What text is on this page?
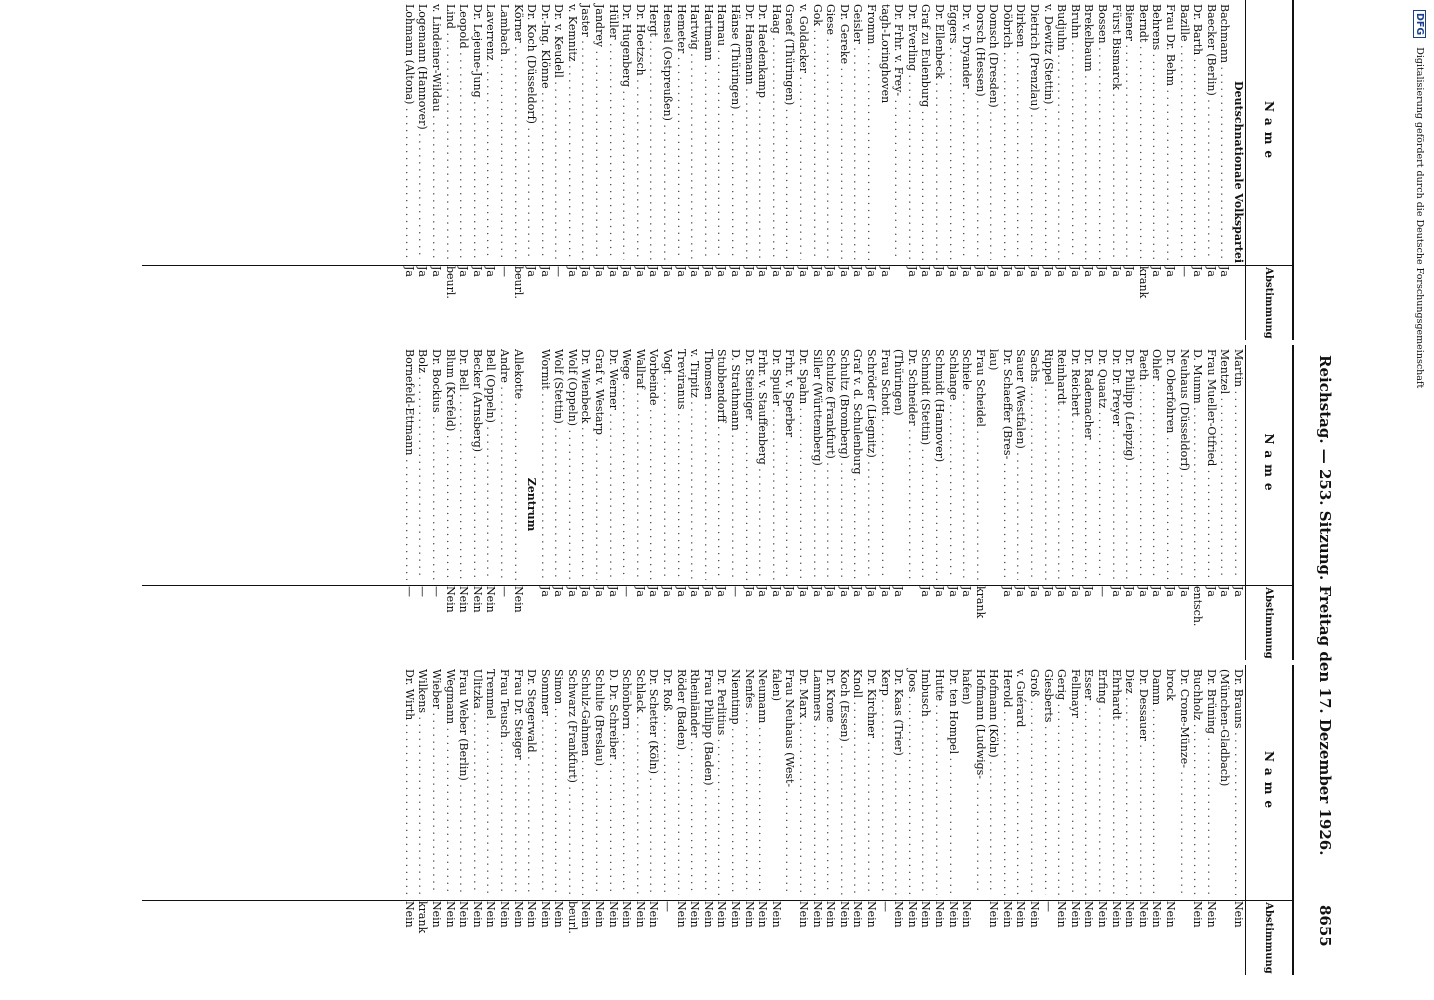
DFG Digitalisierung gefördert durch die Deutsche Forschungsgemeinschaft
Reichstag. — 253. Sitzung. Freitag den 17. Dezember 1926.
8655
Name
Abstimmung
Deutschnationale Volkspartei
Bachmann . . .
Ja
Baecker (Berlin) . . .
Ja
Dr. Barth . . .
Ja
Bazille . . .
—
Frau Dr. Behm . . .
Ja
Behrens . . .
Ja
Berndt . . .
krank
Biener . . .
Ja
Fürst Bismarck . . .
Ja
Bossen . . .
Ja
Brekelbaum . . .
Ja
Bruhn . . .
Ja
Budjuhn . . .
Ja
v. Dewitz (Stettin) . . .
Ja
Dietrich (Prenzlau) . . .
Ja
Dirksen . . .
Ja
Döbrich . . .
Ja
Domsch (Dresden) . . .
Ja
Dorsch (Hessen) . . .
Ja
Dr. v. Dryander . . .
Ja
Eggers . . .
Ja
Dr. Ellenbeck . . .
Ja
Graf zu Eulenburg . . .
Ja
Dr. Everling . . .
Ja
Dr. Frhr. v. Frey- . . .
tagh-Loringhoven
Ja
Fromm . . .
Ja
Geisler . . .
Ja
Dr. Gereke . . .
Ja
Giese . . .
Ja
Gok . . .
Ja
v. Goldacker . . .
Ja
Graef (Thüringen) . . .
Ja
Haag . . .
Ja
Dr. Haedenkamp . . .
Ja
Dr. Hanemann . . .
Ja
Hänse (Thüringen) . . .
Ja
Harnau . . .
Ja
Hartmann . . .
Ja
Hartwig . . .
Ja
Hemeter . . .
Ja
Hensel (Ostpreußen) . . .
Ja
Hergt . . .
Ja
Dr. Hoetzsch . . .
Ja
Dr. Hugenberg . . .
Ja
Hüller . . .
Ja
Jandrey . . .
Ja
Jaster . . .
Ja
v. Kemnitz . . .
Ja
Dr. v. Keudell . . .
—
Dr.-Ing. Klönne . . .
Ja
Dr. Koch (Düsseldorf) . . .
Ja
Körner . . .
beurl.
Lambach . . .
—
Laverrenz . . .
Ja
Dr. Lejeune-Jung . . .
Ja
Leopold . . .
Ja
Lind . . .
beurl.
v. Lindeiner-Wildau . . .
Ja
Logemann (Hannover) . . .
Ja
Lohmann (Altona) . . .
Ja
Name
Abstimmung
Martin . . .
Ja
Mentzel . . .
Ja
Frau Mueller-Otfried . . .
Ja
D. Mumm . . .
entsch.
Neuhaus (Düsseldorf) . . .
Ja
Dr. Oberfohren . . .
Ja
Ohler . . .
Ja
Paeth . . .
Ja
Dr. Philipp (Leipzig) . . .
Ja
Dr. Dr. Preyer . . .
Ja
Dr. Quaatz . . .
—
Dr. Rademacher . . .
Ja
Dr. Reichert . . .
Ja
Reinhardt . . .
Ja
Rippel . . .
Ja
Sachs . . .
Ja
Sauer (Westfalen) . . .
Ja
Dr. Schaeffer (Bres- . . .
Ja
lau)
Frau Scheidel . . .
krank
Schiele . . .
Ja
Schlange . . .
Ja
Schmidt (Hannover) . . .
Ja
Schmidt (Stettin) . . .
Ja
Dr. Schneider . . .
(Thüringen)
Ja
Frau Schott . . .
Ja
Schröder (Liegnitz) . . .
Ja
Graf v. d. Schulenburg . . .
Ja
Schultz (Bromberg) . . .
Ja
Schulze (Frankfurt) . . .
Ja
Siller (Württemberg) . . .
Ja
Dr. Spahn . . .
Ja
Frhr. v. Sperber . . .
Ja
Dr. Spuler . . .
Ja
Frhr. v. Stauffenberg . . .
Ja
Dr. Steiniger . . .
Ja
D. Strathmann . . .
—
Stubbendorff . . .
Ja
Thomsen . . .
Ja
v. Tirpitz . . .
Ja
Treviranus . . .
Ja
Vogt . . .
Ja
Vorbeinde . . .
Ja
Wallraf . . .
Ja
Wege . . .
—
Dr. Werner . . .
Ja
Graf v. Westarp . . .
Ja
Dr. Wienbeck . . .
Ja
Wolf (Oppeln) . . .
Ja
Wolf (Stettin) . . .
Ja
Wormit . . .
Ja
Zentrum
Allekotte . . .
Nein
Andre . . .
—
Bell (Oppeln) . . .
Nein
Becker (Arnsberg) . . .
Nein
Dr. Bell . . .
Nein
Blum (Krefeld) . . .
Nein
Dr. Bockius . . .
—
Bolz . . .
—
Bornefeld-Ettmann . . .
—
Name
Abstimmung
Dr. Brauns . . .
Nein
(München-Gladbach)
Dr. Brüning . . .
Nein
Buchholz . . .
Nein
Dr. Crone-Münze- . . .
brock
Nein
Damm . . .
Nein
Dr. Dessauer . . .
Nein
Diez . . .
Nein
Ehrhardt . . .
Nein
Erfing . . .
Nein
Esser . . .
Nein
Fellmayr . . .
Nein
Gerig . . .
Nein
Giesberts . . .
—
Groß . . .
Nein
v. Guérard . . .
Nein
Herold . . .
Nein
Hofmann (Köln) . . .
Nein
Hofmann (Ludwigs- . . .
hafen)
Nein
Dr. ten Hompel . . .
Nein
Hutte . . .
Nein
Imbusch . . .
Nein
Joos . . .
Nein
Dr. Kaas (Trier) . . .
Nein
Kerp . . .
—
Dr. Kirchner . . .
Nein
Knoll . . .
Nein
Koch (Essen) . . .
Nein
Dr. Krone . . .
Nein
Lammers . . .
Nein
Dr. Marx . . .
Nein
Frau Neuhaus (West- . . .
falen)
Nein
Neumann . . .
Nein
Nenfes . . .
Nein
Niemtimp . . .
Nein
Dr. Perlitius . . .
Nein
Frau Philipp (Baden) . . .
Nein
Rheinländer . . .
Nein
Röder (Baden) . . .
Nein
Dr. Roß . . .
—
Dr. Schetter (Köln) . . .
Nein
Schlack . . .
Nein
Schönborn . . .
Nein
D. Dr. Schreiber . . .
Nein
Schulte (Breslau) . . .
Nein
Schulz-Gahmen . . .
Nein
Schwarz (Frankfurt) . . .
beurl.
Simon . . .
Nein
Sommer . . .
Nein
Dr. Stegerwald . . .
Nein
Frau Dr. Steiger . . .
Nein
Frau Teusch . . .
Nein
Tremmel . . .
Nein
Ulitzka . . .
Nein
Frau Weber (Berlin) . . .
Nein
Wegmann . . .
Nein
Wieber . . .
Nein
Wilkens . . .
krank
Dr. Wirth . . .
Nein
